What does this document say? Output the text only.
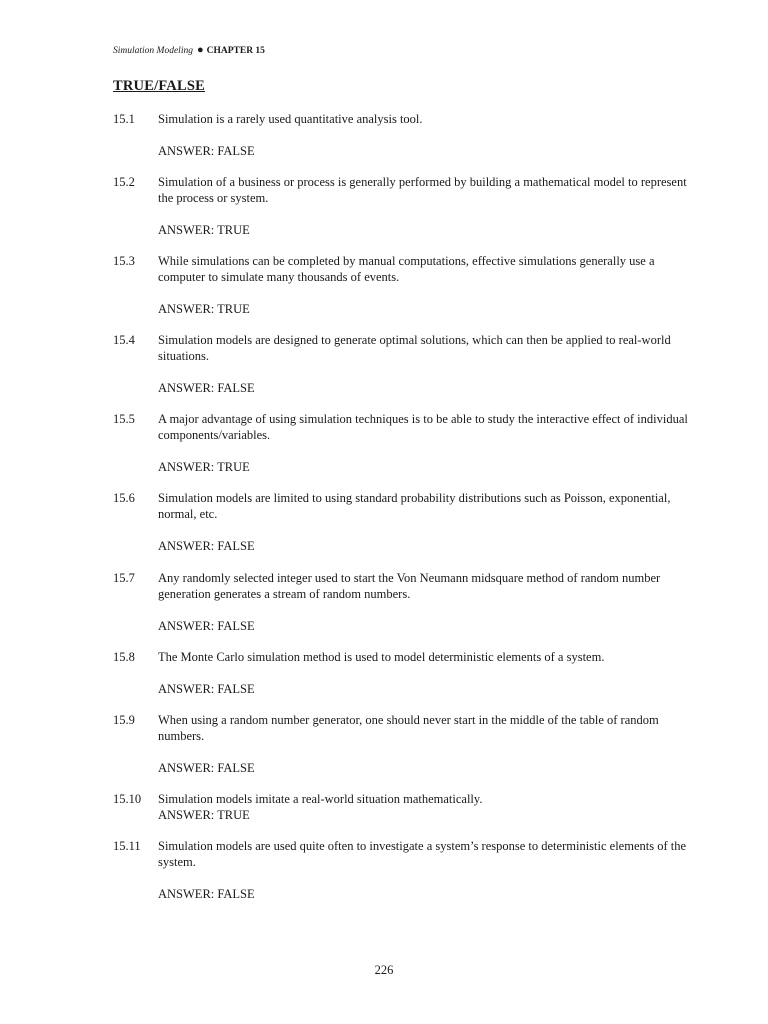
Simulation Modeling ● CHAPTER 15
TRUE/FALSE
15.1	Simulation is a rarely used quantitative analysis tool.
ANSWER: FALSE
15.2	Simulation of a business or process is generally performed by building a mathematical model to represent the process or system.
ANSWER: TRUE
15.3	While simulations can be completed by manual computations, effective simulations generally use a computer to simulate many thousands of events.
ANSWER: TRUE
15.4	Simulation models are designed to generate optimal solutions, which can then be applied to real-world situations.
ANSWER: FALSE
15.5	A major advantage of using simulation techniques is to be able to study the interactive effect of individual components/variables.
ANSWER: TRUE
15.6	Simulation models are limited to using standard probability distributions such as Poisson, exponential, normal, etc.
ANSWER: FALSE
15.7	Any randomly selected integer used to start the Von Neumann midsquare method of random number generation generates a stream of random numbers.
ANSWER: FALSE
15.8	The Monte Carlo simulation method is used to model deterministic elements of a system.
ANSWER: FALSE
15.9	When using a random number generator, one should never start in the middle of the table of random numbers.
ANSWER: FALSE
15.10	Simulation models imitate a real-world situation mathematically.
ANSWER: TRUE
15.11	Simulation models are used quite often to investigate a system’s response to deterministic elements of the system.
ANSWER: FALSE
226
